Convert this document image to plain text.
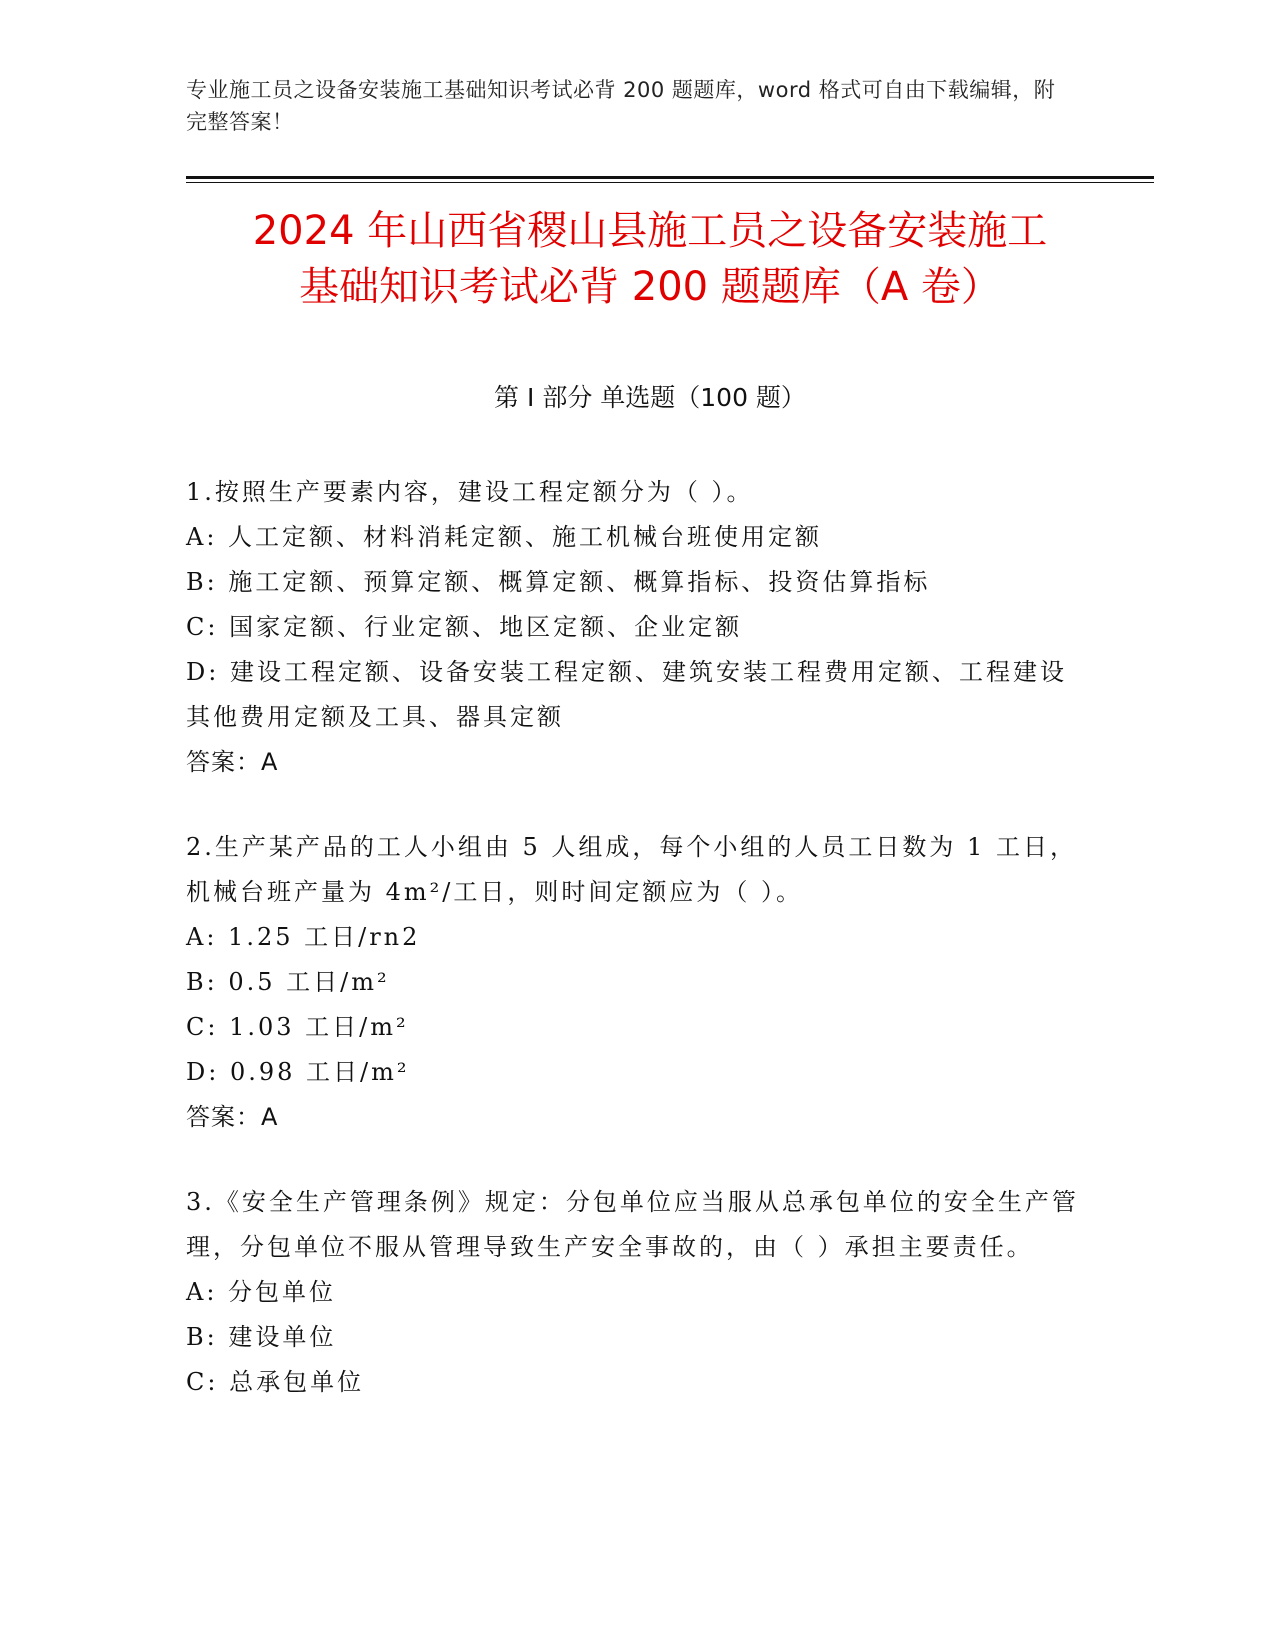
专业施工员之设备安装施工基础知识考试必背 200 题题库，word 格式可自由下载编辑，附完整答案！
2024 年山西省稷山县施工员之设备安装施工
基础知识考试必背 200 题题库（A 卷）
第 I 部分 单选题（100 题）
1.按照生产要素内容，建设工程定额分为（ ）。
A: 人工定额、材料消耗定额、施工机械台班使用定额
B: 施工定额、预算定额、概算定额、概算指标、投资估算指标
C: 国家定额、行业定额、地区定额、企业定额
D: 建设工程定额、设备安装工程定额、建筑安装工程费用定额、工程建设其他费用定额及工具、器具定额
答案：A
2.生产某产品的工人小组由 5 人组成，每个小组的人员工日数为 1 工日，机械台班产量为 4m²/工日，则时间定额应为（ ）。
A: 1.25 工日/rn2
B: 0.5 工日/m²
C: 1.03 工日/m²
D: 0.98 工日/m²
答案：A
3.《安全生产管理条例》规定：分包单位应当服从总承包单位的安全生产管理，分包单位不服从管理导致生产安全事故的，由（ ）承担主要责任。
A: 分包单位
B: 建设单位
C: 总承包单位
